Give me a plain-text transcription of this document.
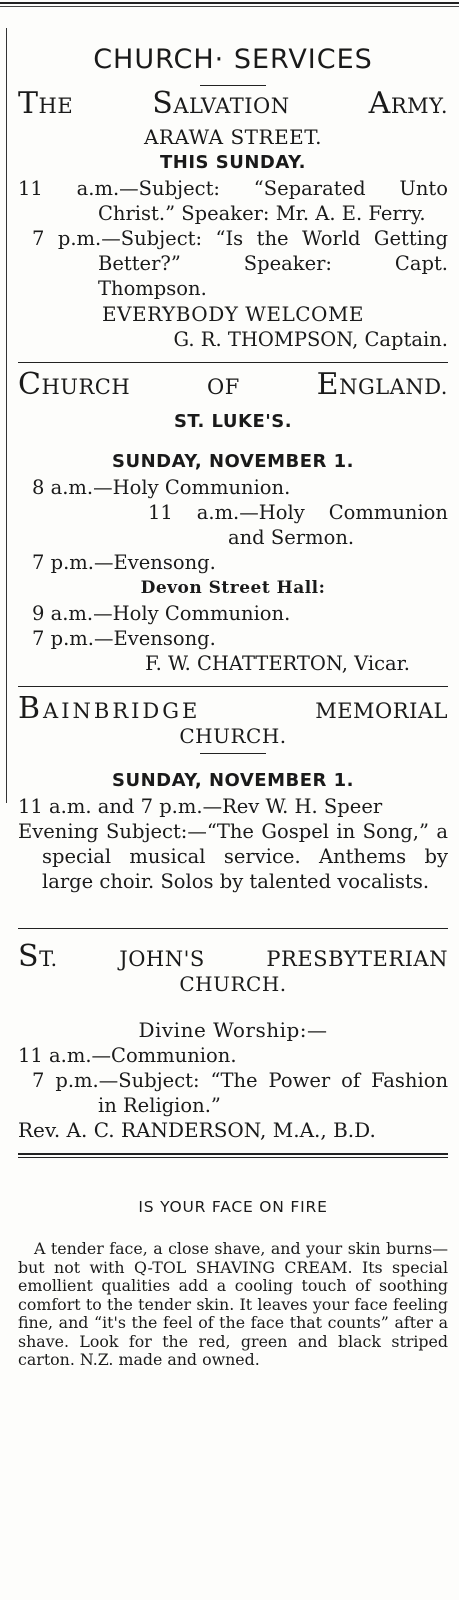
CHURCH· SERVICES
THE	SALVATION	ARMY.
ARAWA STREET.
THIS SUNDAY.
11 a.m.—Subject: “Separated Unto Christ.” Speaker: Mr. A. E. Ferry.
7 p.m.—Subject: “Is the World Getting Better?” Speaker: Capt. Thompson.
EVERYBODY WELCOME
G. R. THOMPSON, Captain.
CHURCH	OF	ENGLAND.
ST. LUKE'S.
SUNDAY, NOVEMBER 1.
8 a.m.—Holy Communion.
11 a.m.—Holy Communion and Sermon.
7 p.m.—Evensong.
Devon Street Hall:
9 a.m.—Holy Communion.
7 p.m.—Evensong.
F. W. CHATTERTON, Vicar.
BAINBRIDGE	MEMORIAL
CHURCH.
SUNDAY, NOVEMBER 1.
11 a.m. and 7 p.m.—Rev W. H. Speer
Evening Subject:—“The Gospel in Song,” a special musical service. Anthems by large choir. Solos by talented vocalists.
ST.	JOHN'S	PRESBYTERIAN
CHURCH.
Divine Worship:—
11 a.m.—Communion.
7 p.m.—Subject: “The Power of Fashion in Religion.”
Rev. A. C. RANDERSON, M.A., B.D.
IS YOUR FACE ON FIRE
A tender face, a close shave, and your skin burns—but not with Q-TOL SHAVING CREAM. Its special emollient qualities add a cooling touch of soothing comfort to the tender skin. It leaves your face feeling fine, and “it's the feel of the face that counts” after a shave. Look for the red, green and black striped carton. N.Z. made and owned.
